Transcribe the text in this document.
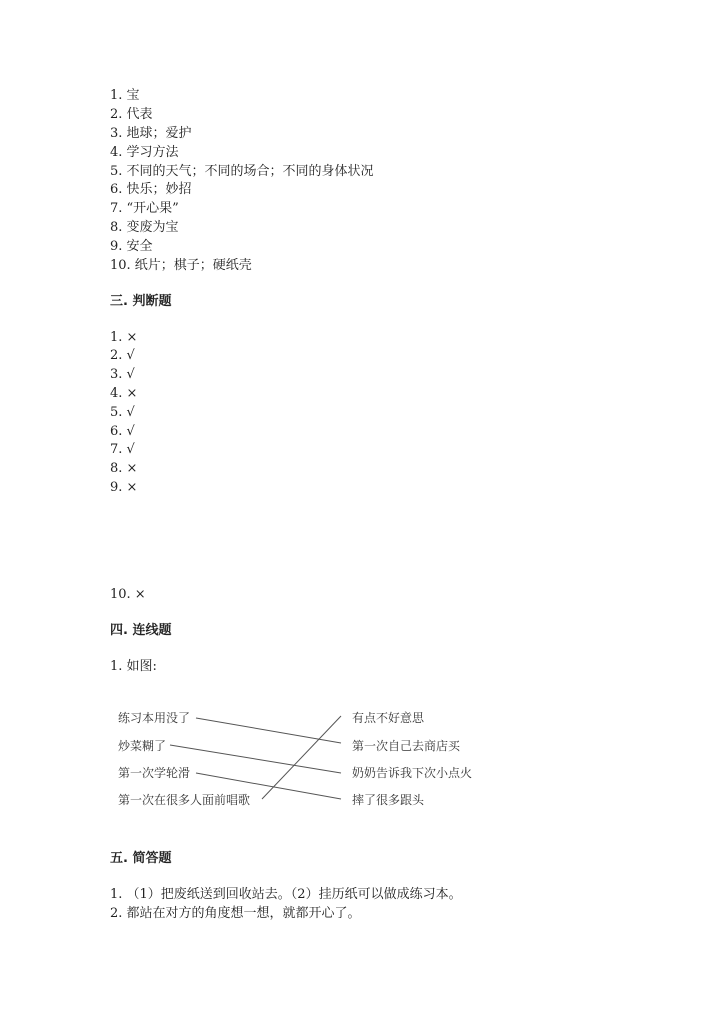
1. 宝
2. 代表
3. 地球；爱护
4. 学习方法
5. 不同的天气；不同的场合；不同的身体状况
6. 快乐；妙招
7. “开心果”
8. 变废为宝
9. 安全
10. 纸片；棋子；硬纸壳
三. 判断题
1. ×
2. √
3. √
4. ×
5. √
6. √
7. √
8. ×
9. ×
10. ×
四. 连线题
1. 如图:
练习本用没了
炒菜糊了
第一次学轮滑
第一次在很多人面前唱歌
有点不好意思
第一次自己去商店买
奶奶告诉我下次小点火
摔了很多跟头
五. 简答题
1. （1）把废纸送到回收站去。（2）挂历纸可以做成练习本。
2. 都站在对方的角度想一想，就都开心了。
